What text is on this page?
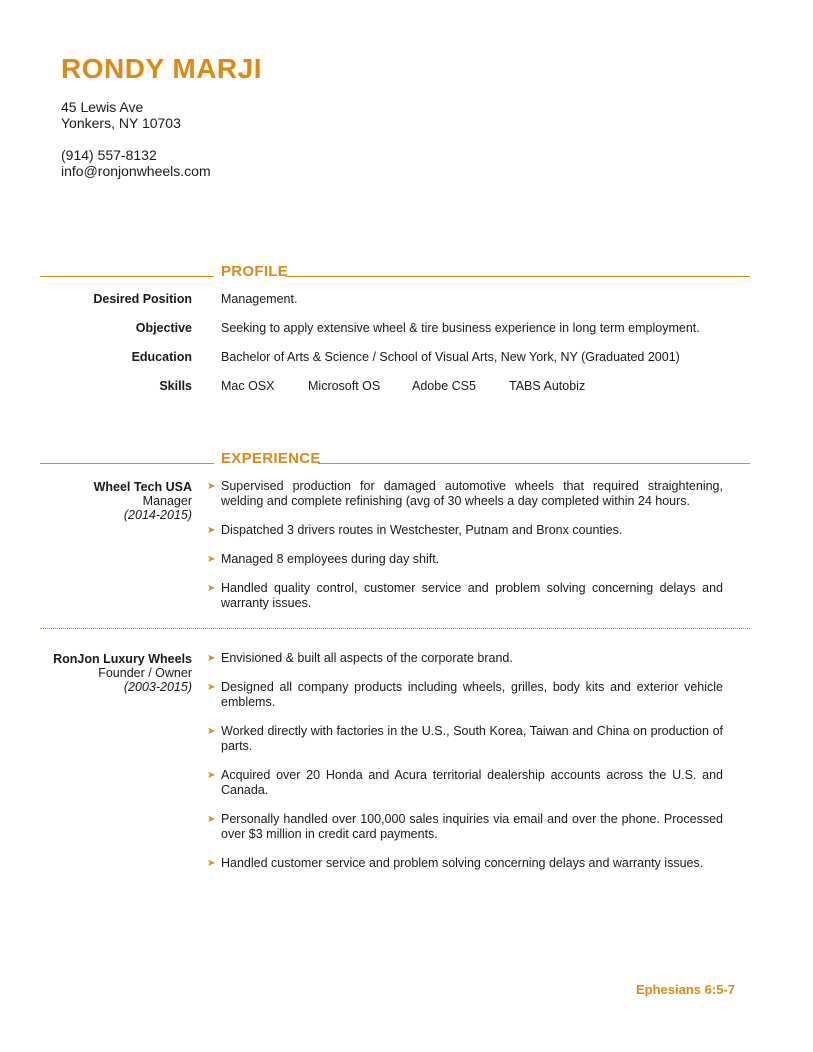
RONDY MARJI
45 Lewis Ave
Yonkers, NY 10703
(914) 557-8132
info@ronjonwheels.com
PROFILE
Desired Position Management.
Objective Seeking to apply extensive wheel & tire business experience in long term employment.
Education Bachelor of Arts & Science / School of Visual Arts, New York, NY (Graduated 2001)
Skills Mac OSX	Microsoft OS	Adobe CS5	TABS Autobiz
EXPERIENCE
Wheel Tech USA
Manager
(2014-2015)
➤ Supervised production for damaged automotive wheels that required straightening, welding and complete refinishing (avg of 30 wheels a day completed within 24 hours.
➤ Dispatched 3 drivers routes in Westchester, Putnam and Bronx counties.
➤ Managed 8 employees during day shift.
➤ Handled quality control, customer service and problem solving concerning delays and warranty issues.
RonJon Luxury Wheels
Founder / Owner
(2003-2015)
➤ Envisioned & built all aspects of the corporate brand.
➤ Designed all company products including wheels, grilles, body kits and exterior vehicle emblems.
➤ Worked directly with factories in the U.S., South Korea, Taiwan and China on production of parts.
➤ Acquired over 20 Honda and Acura territorial dealership accounts across the U.S. and Canada.
➤ Personally handled over 100,000 sales inquiries via email and over the phone. Processed over $3 million in credit card payments.
➤ Handled customer service and problem solving concerning delays and warranty issues.
Ephesians 6:5-7
